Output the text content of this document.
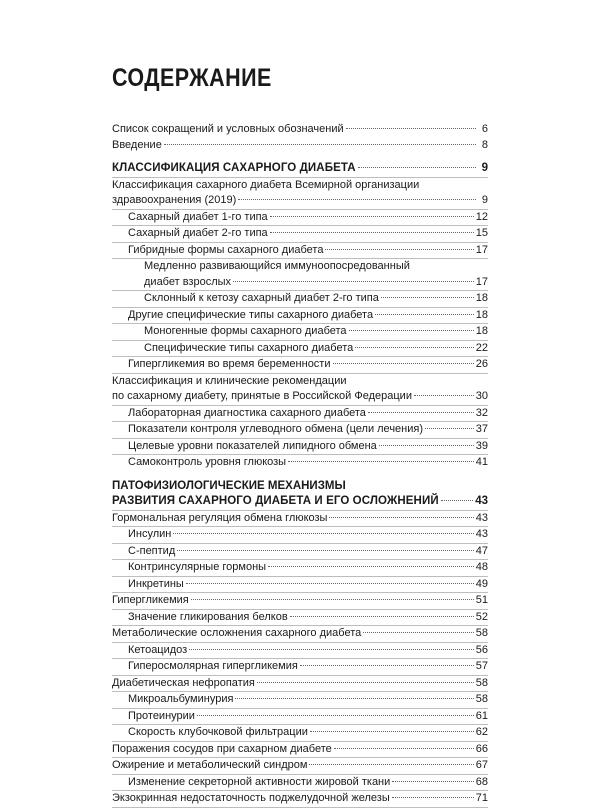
СОДЕРЖАНИЕ
Список сокращений и условных обозначений	6
Введение	8
КЛАССИФИКАЦИЯ САХАРНОГО ДИАБЕТА	9
Классификация сахарного диабета Всемирной организации
здравоохранения (2019)	9
Сахарный диабет 1-го типа	12
Сахарный диабет 2-го типа	15
Гибридные формы сахарного диабета	17
Медленно развивающийся иммуноопосредованный
диабет взрослых	17
Склонный к кетозу сахарный диабет 2-го типа	18
Другие специфические типы сахарного диабета	18
Моногенные формы сахарного диабета	18
Специфические типы сахарного диабета	22
Гипергликемия во время беременности	26
Классификация и клинические рекомендации
по сахарному диабету, принятые в Российской Федерации	30
Лабораторная диагностика сахарного диабета	32
Показатели контроля углеводного обмена (цели лечения)	37
Целевые уровни показателей липидного обмена	39
Самоконтроль уровня глюкозы	41
ПАТОФИЗИОЛОГИЧЕСКИЕ МЕХАНИЗМЫ
РАЗВИТИЯ САХАРНОГО ДИАБЕТА И ЕГО ОСЛОЖНЕНИЙ	43
Гормональная регуляция обмена глюкозы	43
Инсулин	43
С-пептид	47
Контринсулярные гормоны	48
Инкретины	49
Гипергликемия	51
Значение гликирования белков	52
Метаболические осложнения сахарного диабета	58
Кетоацидоз	56
Гиперосмолярная гипергликемия	57
Диабетическая нефропатия	58
Микроальбуминурия	58
Протеинурии	61
Скорость клубочковой фильтрации	62
Поражения сосудов при сахарном диабете	66
Ожирение и метаболический синдром	67
Изменение секреторной активности жировой ткани	68
Экзокринная недостаточность поджелудочной железы	71
